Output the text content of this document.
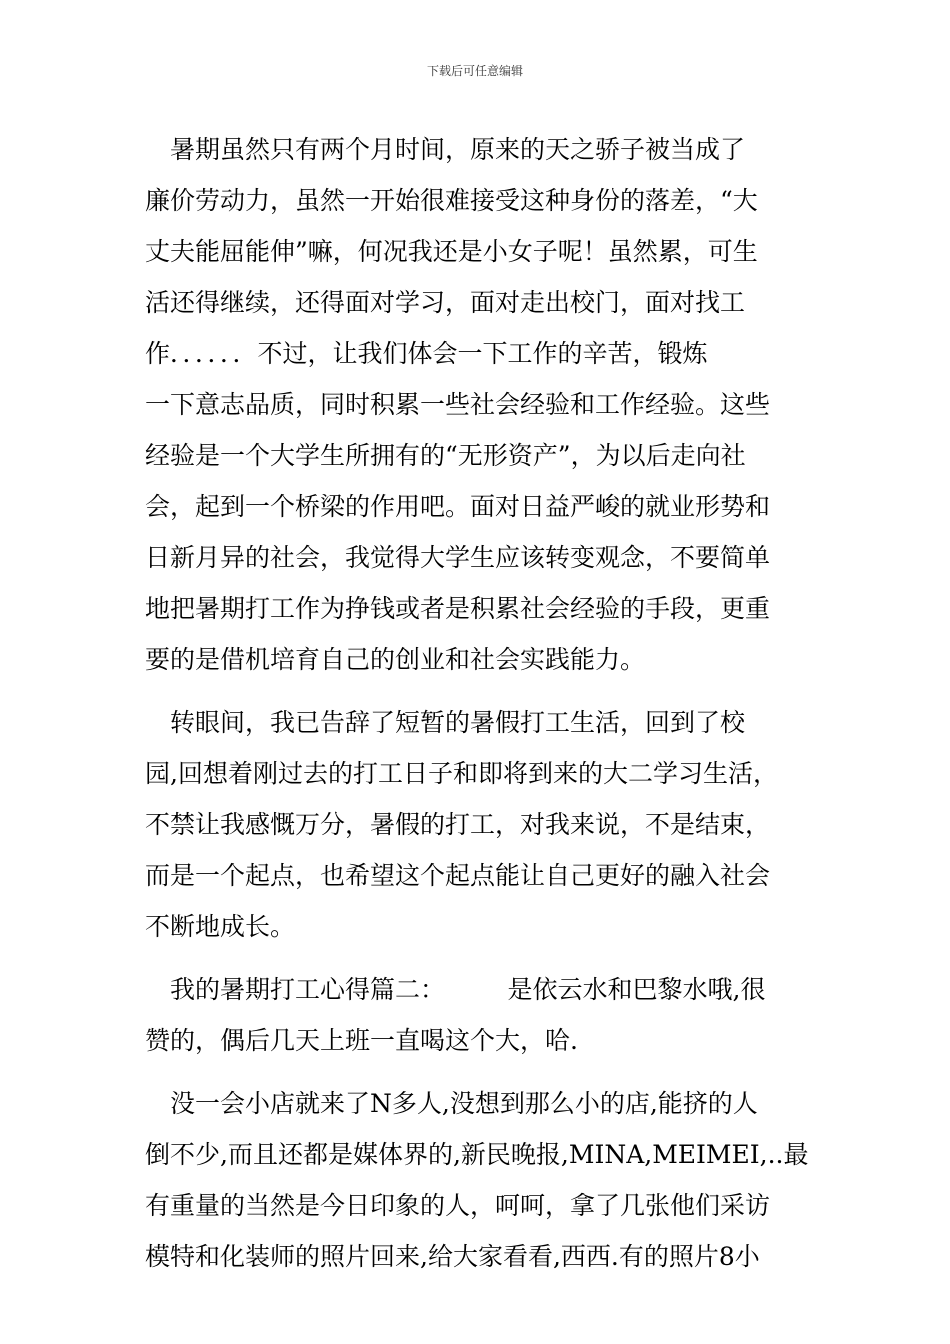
下载后可任意编辑
　暑期虽然只有两个月时间，原来的天之骄子被当成了
廉价劳动力，虽然一开始很难接受这种身份的落差，“大
丈夫能屈能伸”嘛，何况我还是小女子呢！虽然累，可生
活还得继续，还得面对学习，面对走出校门，面对找工
作．．．．．．不过，让我们体会一下工作的辛苦，锻炼
一下意志品质，同时积累一些社会经验和工作经验。这些
经验是一个大学生所拥有的“无形资产”，为以后走向社
会，起到一个桥梁的作用吧。面对日益严峻的就业形势和
日新月异的社会，我觉得大学生应该转变观念，不要简单
地把暑期打工作为挣钱或者是积累社会经验的手段，更重
要的是借机培育自己的创业和社会实践能力。
　转眼间，我已告辞了短暂的暑假打工生活，回到了校
园,回想着刚过去的打工日子和即将到来的大二学习生活，
不禁让我感慨万分，暑假的打工，对我来说，不是结束，
而是一个起点，也希望这个起点能让自己更好的融入社会
不断地成长。
　我的暑期打工心得篇二：　　　是依云水和巴黎水哦,很
赞的，偶后几天上班一直喝这个大，哈.
　没一会小店就来了N多人,没想到那么小的店,能挤的人
倒不少,而且还都是媒体界的,新民晚报,MINA,MEIMEI,..最
有重量的当然是今日印象的人，呵呵，拿了几张他们采访
模特和化装师的照片回来,给大家看看,西西.有的照片8小
